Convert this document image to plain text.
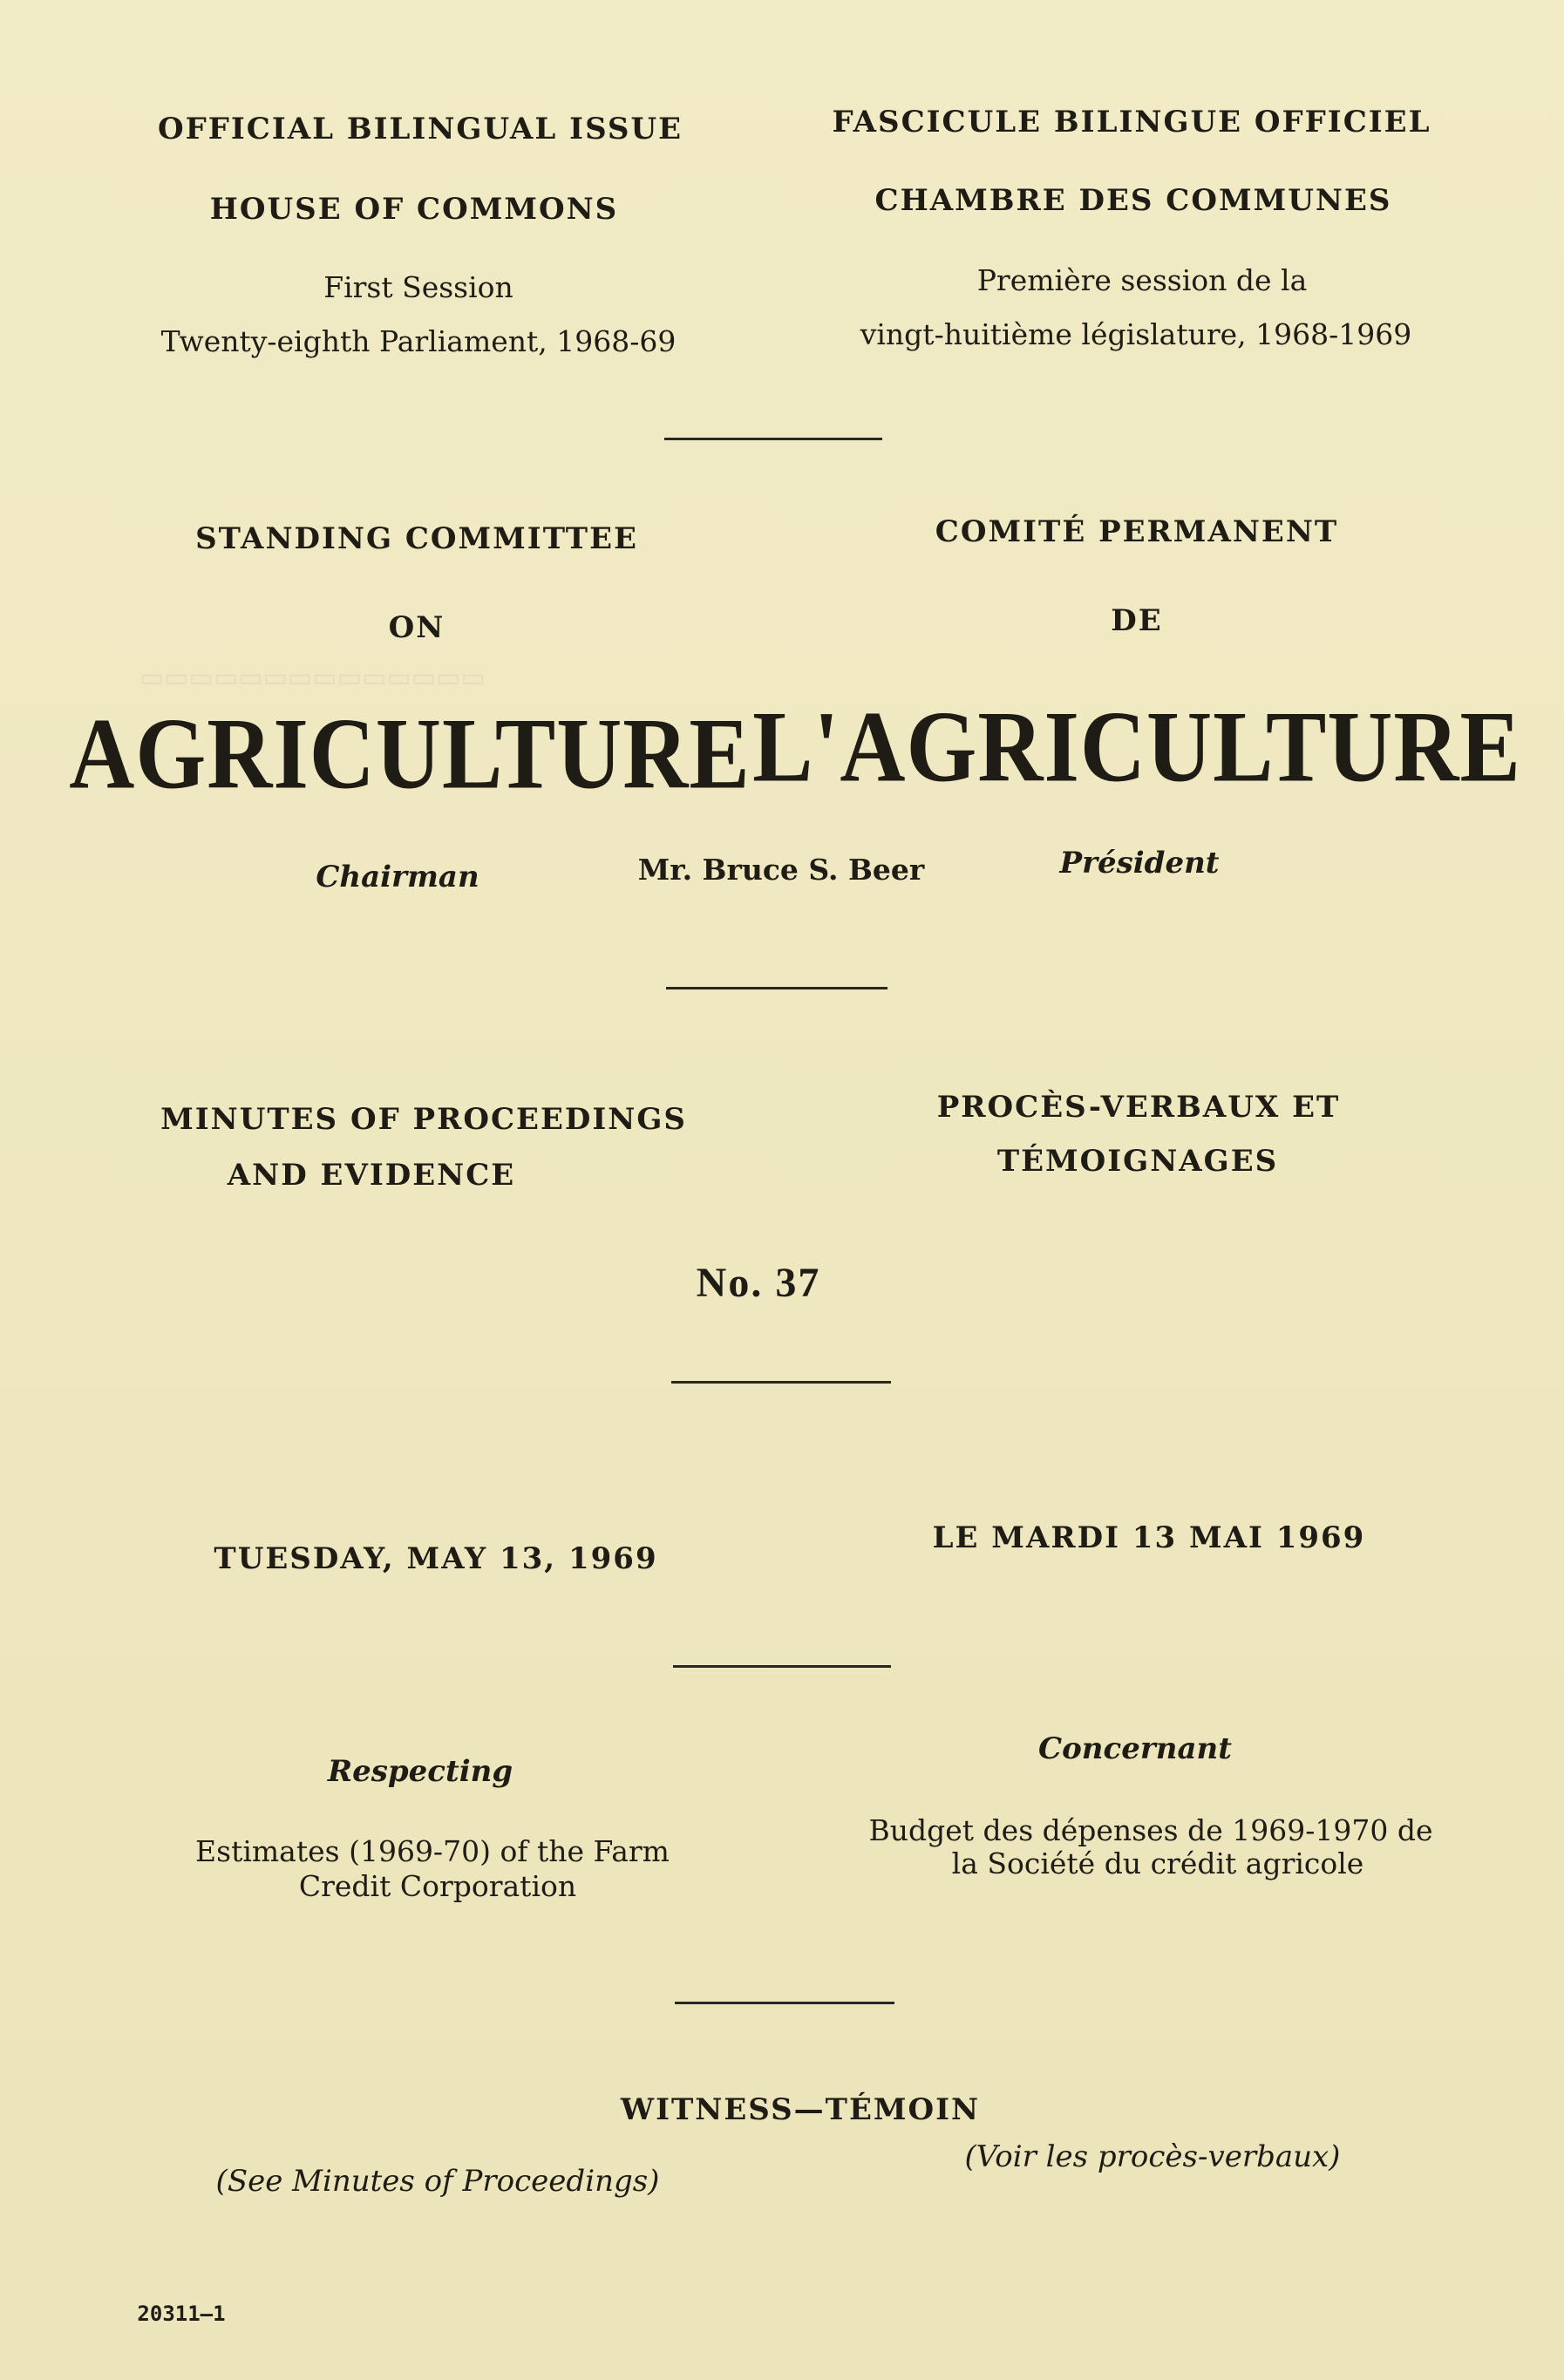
▭▭▭▭▭▭▭▭▭▭▭▭▭▭
OFFICIAL BILINGUAL ISSUE	FASCICULE BILINGUE OFFICIEL
HOUSE OF COMMONS	CHAMBRE DES COMMUNES
First Session
Twenty-eighth Parliament, 1968-69
Première session de la
vingt-huitième législature, 1968-1969
STANDING COMMITTEE	COMITÉ PERMANENT
ON	DE
AGRICULTURE L'AGRICULTURE
Chairman	Mr. Bruce S. Beer	Président
MINUTES OF PROCEEDINGS
AND EVIDENCE
PROCÈS-VERBAUX ET
TÉMOIGNAGES
No. 37
TUESDAY, MAY 13, 1969
LE MARDI 13 MAI 1969
Respecting
Concernant
Estimates (1969-70) of the Farm
Credit Corporation
Budget des dépenses de 1969-1970 de
la Société du crédit agricole
WITNESS—TÉMOIN
(See Minutes of Proceedings)
(Voir les procès-verbaux)
20311—1
